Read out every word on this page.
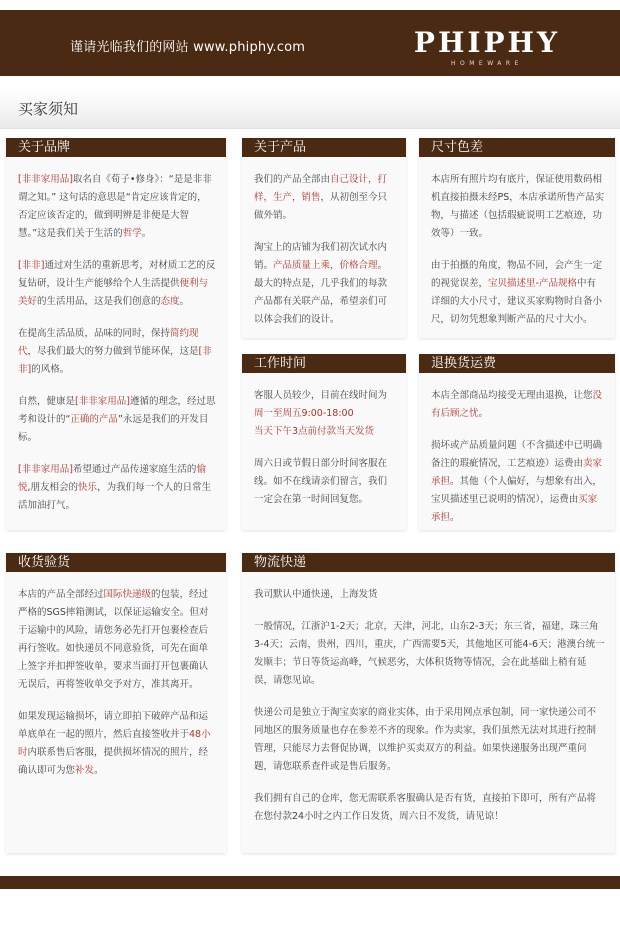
谨请光临我们的网站 www.phiphy.com	PHIPHY
HOMEWARE
买家须知
关于品牌

[非非家用品]取名自《荀子•修身》：“是是非非谓之知。” 这句话的意思是“肯定应该肯定的，否定应该否定的，做到明辨是非便是大智慧。”这是我们关于生活的哲学。

[非非]通过对生活的重新思考，对材质工艺的反复钻研，设计生产能够给个人生活提供便利与美好的生活用品，这是我们创意的态度。

在提高生活品质，品味的同时，保持简约现代，尽我们最大的努力做到节能环保，这是[非非]的风格。

自然，健康是[非非家用品]遵循的理念，经过思考和设计的“正确的产品”永远是我们的开发目标。

[非非家用品]希望通过产品传递家庭生活的愉悦,朋友相会的快乐，为我们每一个人的日常生活加油打气。

关于产品

我们的产品全部由自己设计，打样，生产，销售，从初创至今只做外销。

淘宝上的店铺为我们初次试水内销。产品质量上乘，价格合理。最大的特点是，几乎我们的每款产品都有关联产品，希望亲们可以体会我们的设计。

尺寸色差

本店所有照片均有底片，保证使用数码相机直接拍摄未经PS，本店承诺所售产品实物，与描述（包括瑕疵说明工艺痕迹，功效等）一致。

由于拍摄的角度，物品不同，会产生一定的视觉误差，宝贝描述里-产品规格中有详细的大小尺寸，建议买家购物时自备小尺，切勿凭想象判断产品的尺寸大小。

工作时间

客服人员较少，目前在线时间为
周一至周五9:00-18:00
当天下午3点前付款当天发货

周六日或节假日部分时间客服在线。如不在线请亲们留言，我们一定会在第一时间回复您。

退换货运费

本店全部商品均接受无理由退换，让您没有后顾之忧。

损坏或产品质量问题（不含描述中已明确备注的瑕疵情况，工艺痕迹）运费由卖家承担。其他（个人偏好，与想象有出入，宝贝描述里已说明的情况），运费由买家承担。

收货验货

本店的产品全部经过国际快递级的包装，经过严格的SGS摔箱测试，以保证运输安全。但对于运输中的风险，请您务必先打开包裹检查后再行签收。如快递员不同意验货，可先在面单上签字并扣押签收单，要求当面打开包裹确认无误后，再将签收单交予对方，准其离开。

如果发现运输损坏，请立即拍下破碎产品和运单底单在一起的照片，然后直接签收并于48小时内联系售后客服，提供损坏情况的照片，经确认即可为您补发。

物流快递

我司默认中通快递，上海发货

一般情况，江浙沪1-2天；北京，天津，河北，山东2-3天；东三省，福建，珠三角3-4天；云南，贵州，四川，重庆，广西需要5天，其他地区可能4-6天；港澳台统一发顺丰；节日等货运高峰，气候恶劣，大体积货物等情况，会在此基础上稍有延误，请您见谅。

快递公司是独立于淘宝卖家的商业实体，由于采用网点承包制，同一家快递公司不同地区的服务质量也存在参差不齐的现象。作为卖家，我们虽然无法对其进行控制管理，只能尽力去督促协调，以维护买卖双方的利益。如果快递服务出现严重问题，请您联系查件或是售后服务。

我们拥有自己的仓库，您无需联系客服确认是否有货，直接拍下即可，所有产品将在您付款24小时之内工作日发货，周六日不发货，请见谅！
